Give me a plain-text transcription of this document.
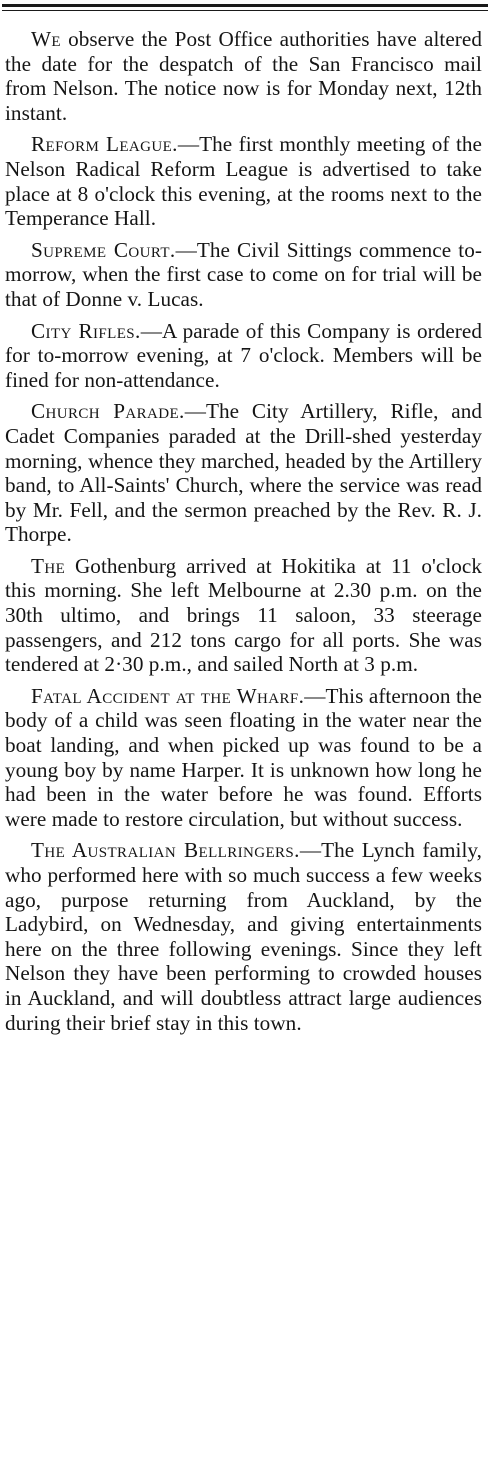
We observe the Post Office authorities have altered the date for the despatch of the San Francisco mail from Nelson. The notice now is for Monday next, 12th instant.

Reform League.—The first monthly meeting of the Nelson Radical Reform League is advertised to take place at 8 o'clock this evening, at the rooms next to the Temperance Hall.

Supreme Court.—The Civil Sittings commence to-morrow, when the first case to come on for trial will be that of Donne v. Lucas.

City Rifles.—A parade of this Company is ordered for to-morrow evening, at 7 o'clock. Members will be fined for non-attendance.

Church Parade.—The City Artillery, Rifle, and Cadet Companies paraded at the Drill-shed yesterday morning, whence they marched, headed by the Artillery band, to All-Saints' Church, where the service was read by Mr. Fell, and the sermon preached by the Rev. R. J. Thorpe.

The Gothenburg arrived at Hokitika at 11 o'clock this morning. She left Melbourne at 2.30 p.m. on the 30th ultimo, and brings 11 saloon, 33 steerage passengers, and 212 tons cargo for all ports. She was tendered at 2·30 p.m., and sailed North at 3 p.m.

Fatal Accident at the Wharf.—This afternoon the body of a child was seen floating in the water near the boat landing, and when picked up was found to be a young boy by name Harper. It is unknown how long he had been in the water before he was found. Efforts were made to restore circulation, but without success.

The Australian Bellringers.—The Lynch family, who performed here with so much success a few weeks ago, purpose returning from Auckland, by the Ladybird, on Wednesday, and giving entertainments here on the three following evenings. Since they left Nelson they have been performing to crowded houses in Auckland, and will doubtless attract large audiences during their brief stay in this town.
